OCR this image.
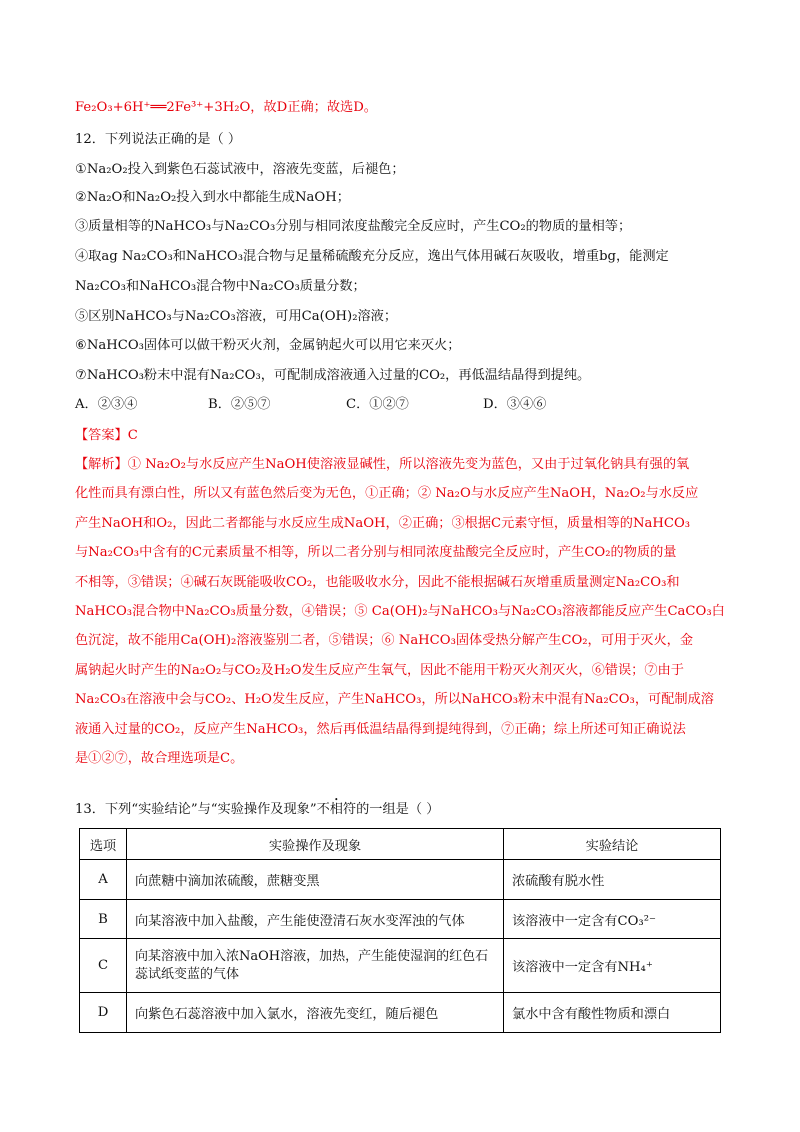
Fe₂O₃+6H⁺══2Fe³⁺+3H₂O，故D正确；故选D。
12．下列说法正确的是（ ）
①Na₂O₂投入到紫色石蕊试液中，溶液先变蓝，后褪色；
②Na₂O和Na₂O₂投入到水中都能生成NaOH；
③质量相等的NaHCO₃与Na₂CO₃分别与相同浓度盐酸完全反应时，产生CO₂的物质的量相等；
④取ag Na₂CO₃和NaHCO₃混合物与足量稀硫酸充分反应，逸出气体用碱石灰吸收，增重bg，能测定
Na₂CO₃和NaHCO₃混合物中Na₂CO₃质量分数；
⑤区别NaHCO₃与Na₂CO₃溶液，可用Ca(OH)₂溶液；
⑥NaHCO₃固体可以做干粉灭火剂，金属钠起火可以用它来灭火；
⑦NaHCO₃粉末中混有Na₂CO₃，可配制成溶液通入过量的CO₂，再低温结晶得到提纯。
A．②③④	B．②⑤⑦	C．①②⑦	D．③④⑥
【答案】C

【解析】① Na₂O₂与水反应产生NaOH使溶液显碱性，所以溶液先变为蓝色，又由于过氧化钠具有强的氧

化性而具有漂白性，所以又有蓝色然后变为无色，①正确；② Na₂O与水反应产生NaOH，Na₂O₂与水反应

产生NaOH和O₂，因此二者都能与水反应生成NaOH，②正确；③根据C元素守恒，质量相等的NaHCO₃

与Na₂CO₃中含有的C元素质量不相等，所以二者分别与相同浓度盐酸完全反应时，产生CO₂的物质的量

不相等，③错误；④碱石灰既能吸收CO₂，也能吸收水分，因此不能根据碱石灰增重质量测定Na₂CO₃和

NaHCO₃混合物中Na₂CO₃质量分数，④错误；⑤ Ca(OH)₂与NaHCO₃与Na₂CO₃溶液都能反应产生CaCO₃白

色沉淀，故不能用Ca(OH)₂溶液鉴别二者，⑤错误；⑥ NaHCO₃固体受热分解产生CO₂，可用于灭火，金

属钠起火时产生的Na₂O₂与CO₂及H₂O发生反应产生氧气，因此不能用干粉灭火剂灭火，⑥错误；⑦由于

Na₂CO₃在溶液中会与CO₂、H₂O发生反应，产生NaHCO₃，所以NaHCO₃粉末中混有Na₂CO₃，可配制成溶

液通入过量的CO₂，反应产生NaHCO₃，然后再低温结晶得到提纯得到，⑦正确；综上所述可知正确说法

是①②⑦，故合理选项是C。

13．下列“实验结论”与“实验操作及现象”不相符的一组是（ ）
选项	实验操作及现象	实验结论
A	向蔗糖中滴加浓硫酸，蔗糖变黑	浓硫酸有脱水性
B	向某溶液中加入盐酸，产生能使澄清石灰水变浑浊的气体	该溶液中一定含有CO₃²⁻
C	向某溶液中加入浓NaOH溶液，加热，产生能使湿润的红色石蕊试纸变蓝的气体	该溶液中一定含有NH₄⁺
D	向紫色石蕊溶液中加入氯水，溶液先变红，随后褪色	氯水中含有酸性物质和漂白
